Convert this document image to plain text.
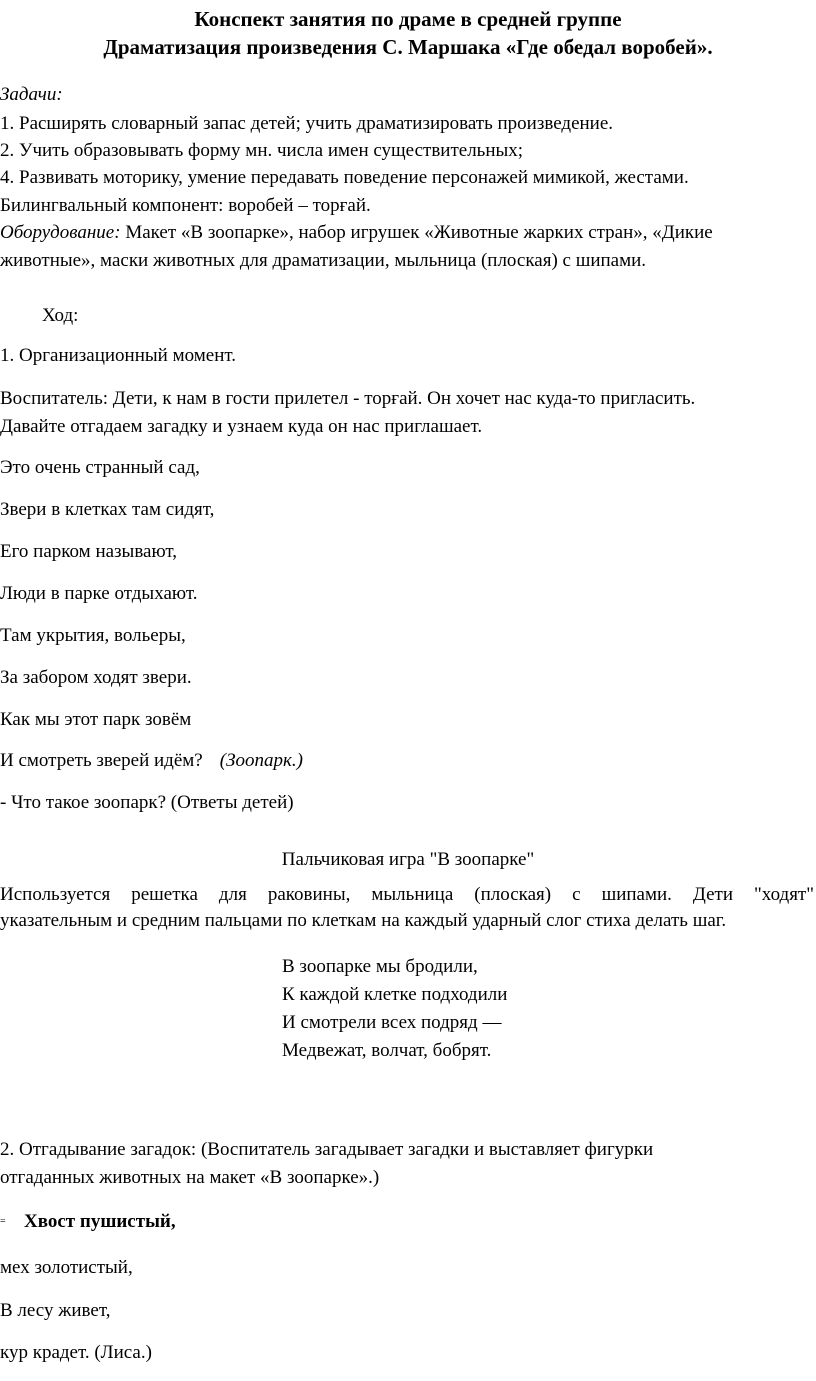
Конспект занятия по драме в средней группе
Драматизация произведения С. Маршака «Где обедал воробей».
Задачи:
1. Расширять словарный запас детей; учить драматизировать произведение.
2. Учить образовывать форму мн. числа имен существительных;
4. Развивать моторику, умение передавать поведение персонажей мимикой, жестами.
Билингвальный компонент: воробей – торғай.
Оборудование: Макет «В зоопарке», набор игрушек «Животные жарких стран», «Дикие
животные», маски животных для драматизации, мыльница (плоская) с шипами.
Ход:
1. Организационный момент.
Воспитатель: Дети, к нам в гости прилетел - торғай. Он хочет нас куда-то пригласить.
Давайте отгадаем загадку и узнаем куда он нас приглашает.
Это очень странный сад,
Звери в клетках там сидят,
Его парком называют,
Люди в парке отдыхают.
Там укрытия, вольеры,
За забором ходят звери.
Как мы этот парк зовём
И смотреть зверей идём? (Зоопарк.)
- Что такое зоопарк? (Ответы детей)
Пальчиковая игра "В зоопарке"
Используется решетка для раковины, мыльница (плоская) с шипами. Дети "ходят"
указательным и средним пальцами по клеткам на каждый ударный слог стиха делать шаг.
В зоопарке мы бродили,
К каждой клетке подходили
И смотрели всех подряд —
Медвежат, волчат, бобрят.
2. Отгадывание загадок: (Воспитатель загадывает загадки и выставляет фигурки
отгаданных животных на макет «В зоопарке».)
= Хвост пушистый,
мех золотистый,
В лесу живет,
кур крадет. (Лиса.)
